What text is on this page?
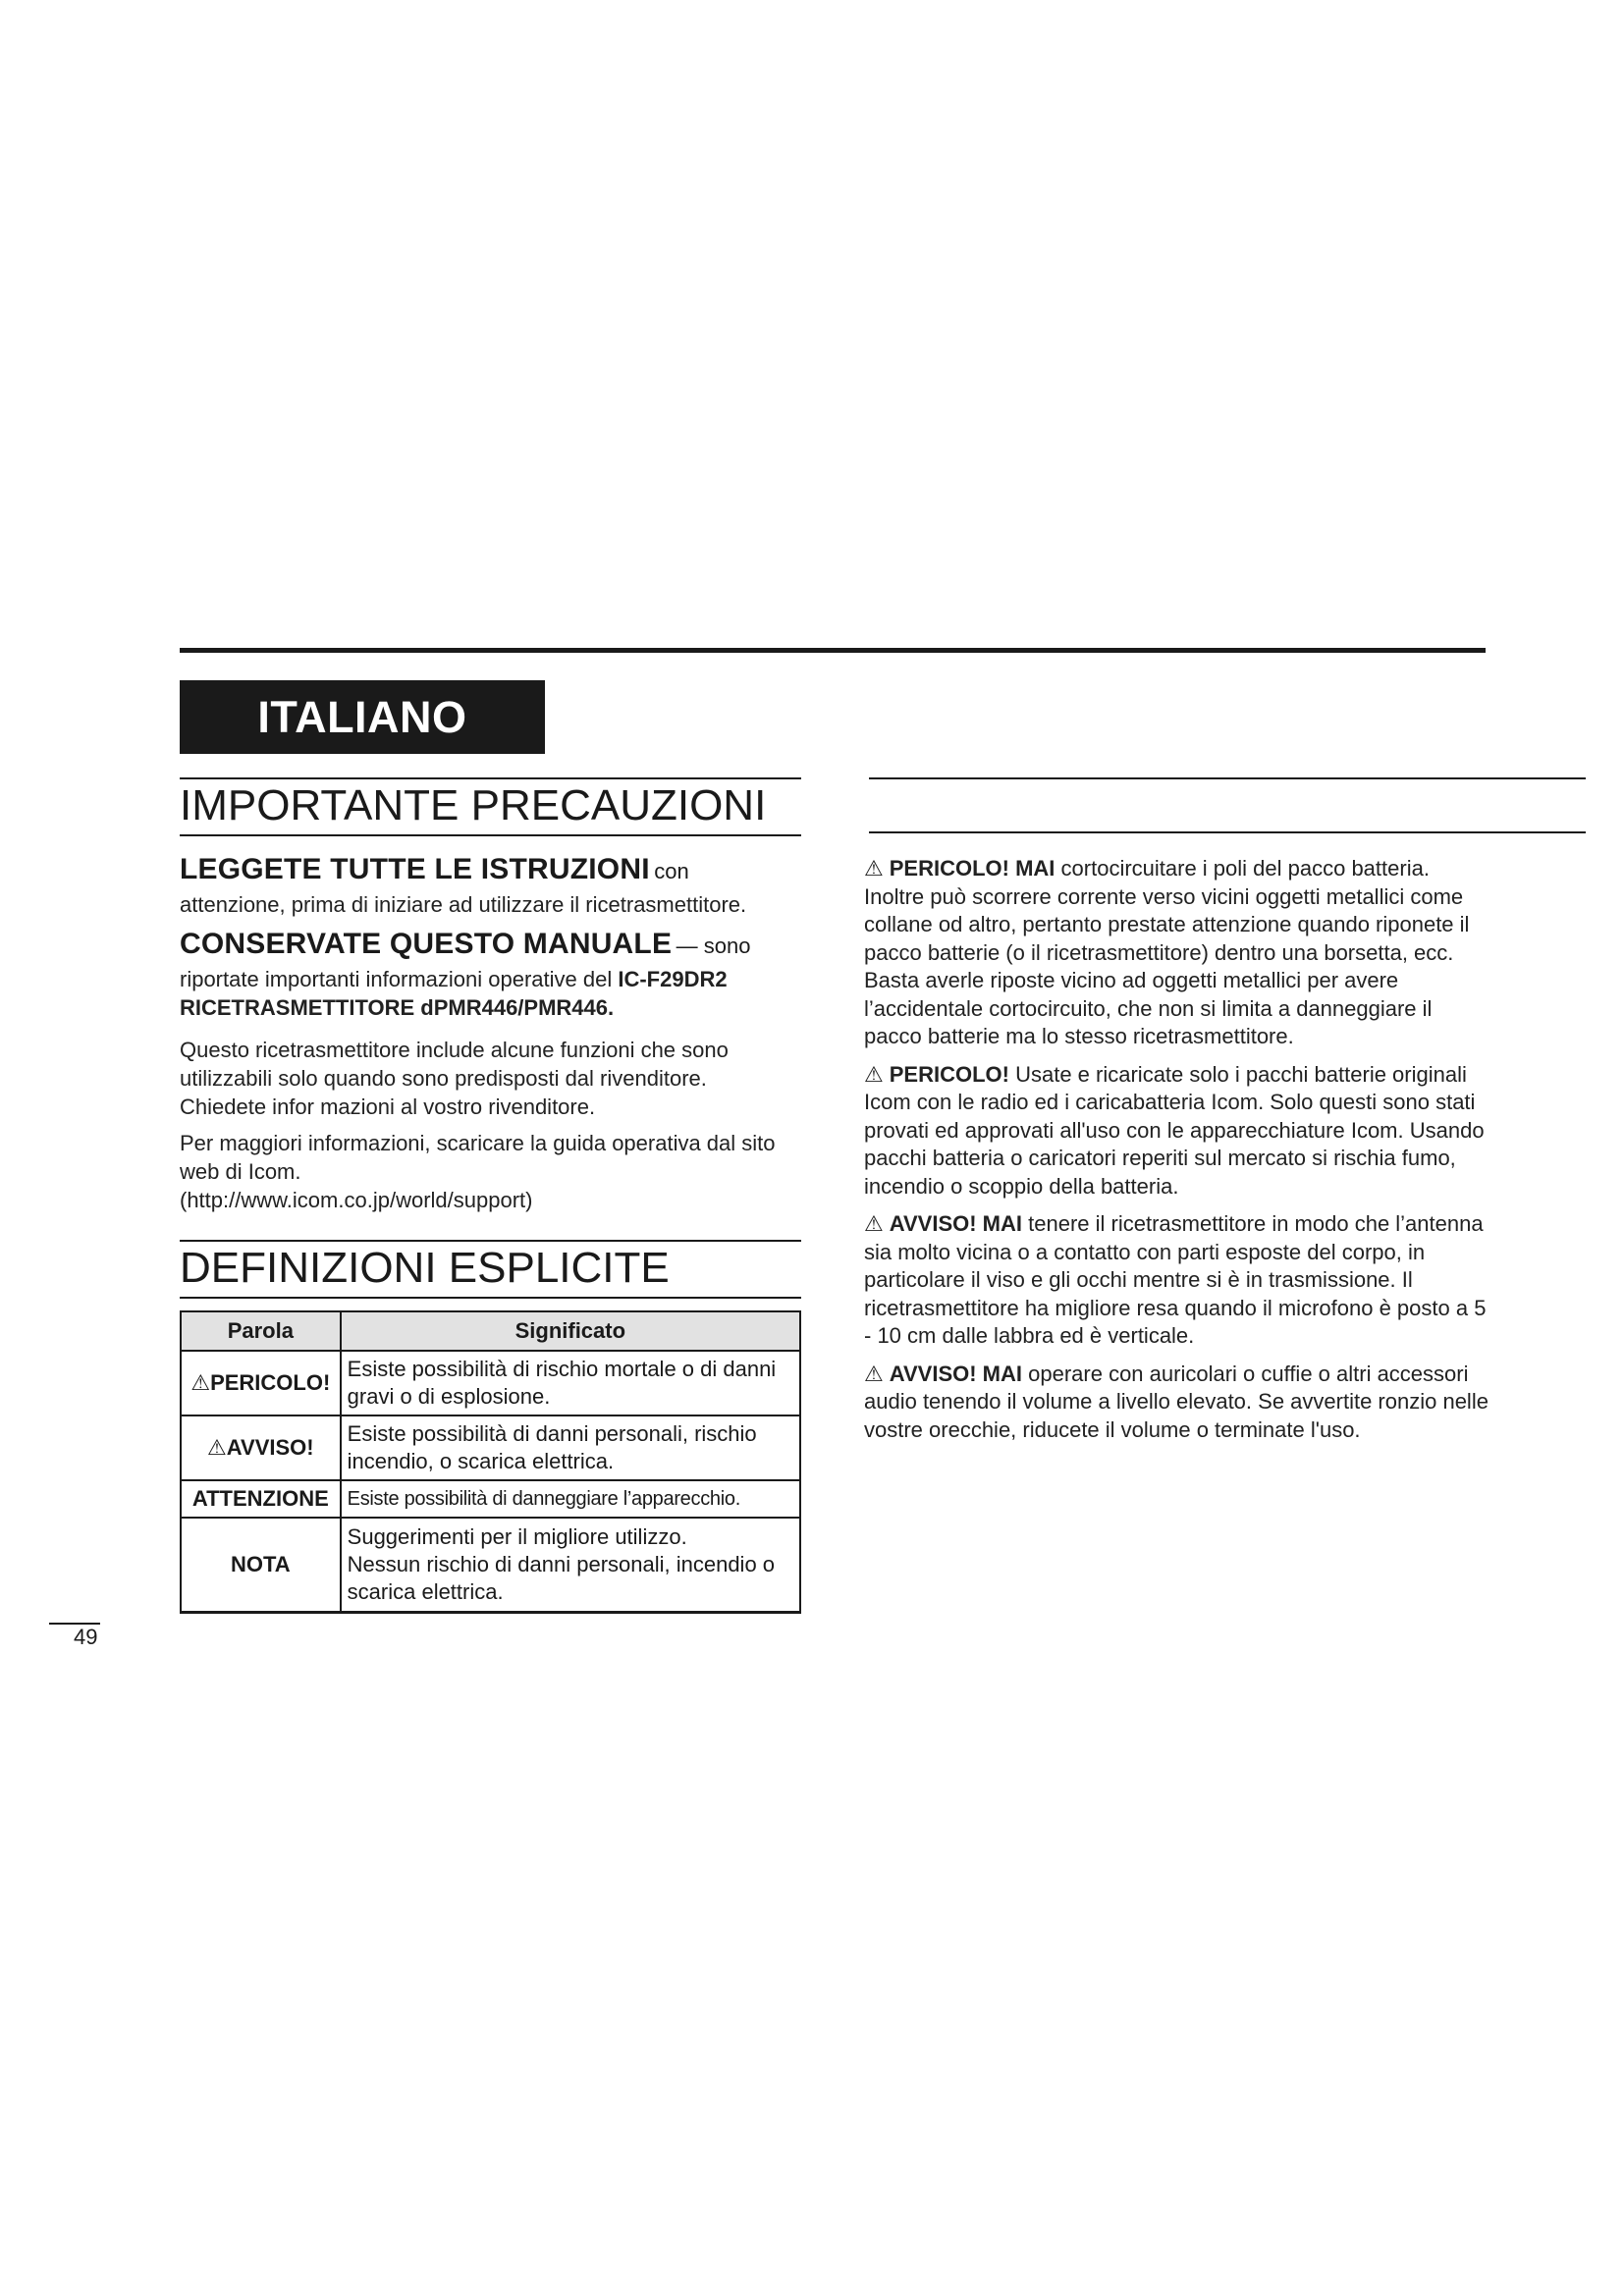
ITALIANO
IMPORTANTE PRECAUZIONI
LEGGETE TUTTE LE ISTRUZIONI con
attenzione, prima di iniziare ad utilizzare il ricetrasmettitore.
CONSERVATE QUESTO MANUALE — sono
riportate importanti informazioni operative del IC-F29DR2
RICETRASMETTITORE dPMR446/PMR446.
Questo ricetrasmettitore include alcune funzioni che sono utilizzabili solo quando sono predisposti dal rivenditore. Chiedete infor mazioni al vostro rivenditore.
Per maggiori informazioni, scaricare la guida operativa dal sito web di Icom.
(http://www.icom.co.jp/world/support)
DEFINIZIONI ESPLICITE
Parola	Significato
⚠PERICOLO!	Esiste possibilità di rischio mortale o di danni gravi o di esplosione.
⚠AVVISO!	Esiste possibilità di danni personali, rischio incendio, o scarica elettrica.
ATTENZIONE	Esiste possibilità di danneggiare l’apparecchio.
NOTA	Suggerimenti per il migliore utilizzo.
Nessun rischio di danni personali, incendio o scarica elettrica.
⚠ PERICOLO! MAI cortocircuitare i poli del pacco batteria. Inoltre può scorrere corrente verso vicini oggetti metallici come collane od altro, pertanto prestate attenzione quando riponete il pacco batterie (o il ricetrasmettitore) dentro una borsetta, ecc.
Basta averle riposte vicino ad oggetti metallici per avere l’accidentale cortocircuito, che non si limita a danneggiare il pacco batterie ma lo stesso ricetrasmettitore.
⚠ PERICOLO! Usate e ricaricate solo i pacchi batterie originali Icom con le radio ed i caricabatteria Icom. Solo questi sono stati provati ed approvati all'uso con le apparecchiature Icom. Usando pacchi batteria o caricatori reperiti sul mercato si rischia fumo, incendio o scoppio della batteria.
⚠ AVVISO! MAI tenere il ricetrasmettitore in modo che l’antenna sia molto vicina o a contatto con parti esposte del corpo, in particolare il viso e gli occhi mentre si è in trasmissione. Il ricetrasmettitore ha migliore resa quando il microfono è posto a 5 - 10 cm dalle labbra ed è verticale.
⚠ AVVISO! MAI operare con auricolari o cuffie o altri accessori audio tenendo il volume a livello elevato. Se avvertite ronzio nelle vostre orecchie, riducete il volume o terminate l'uso.
49
